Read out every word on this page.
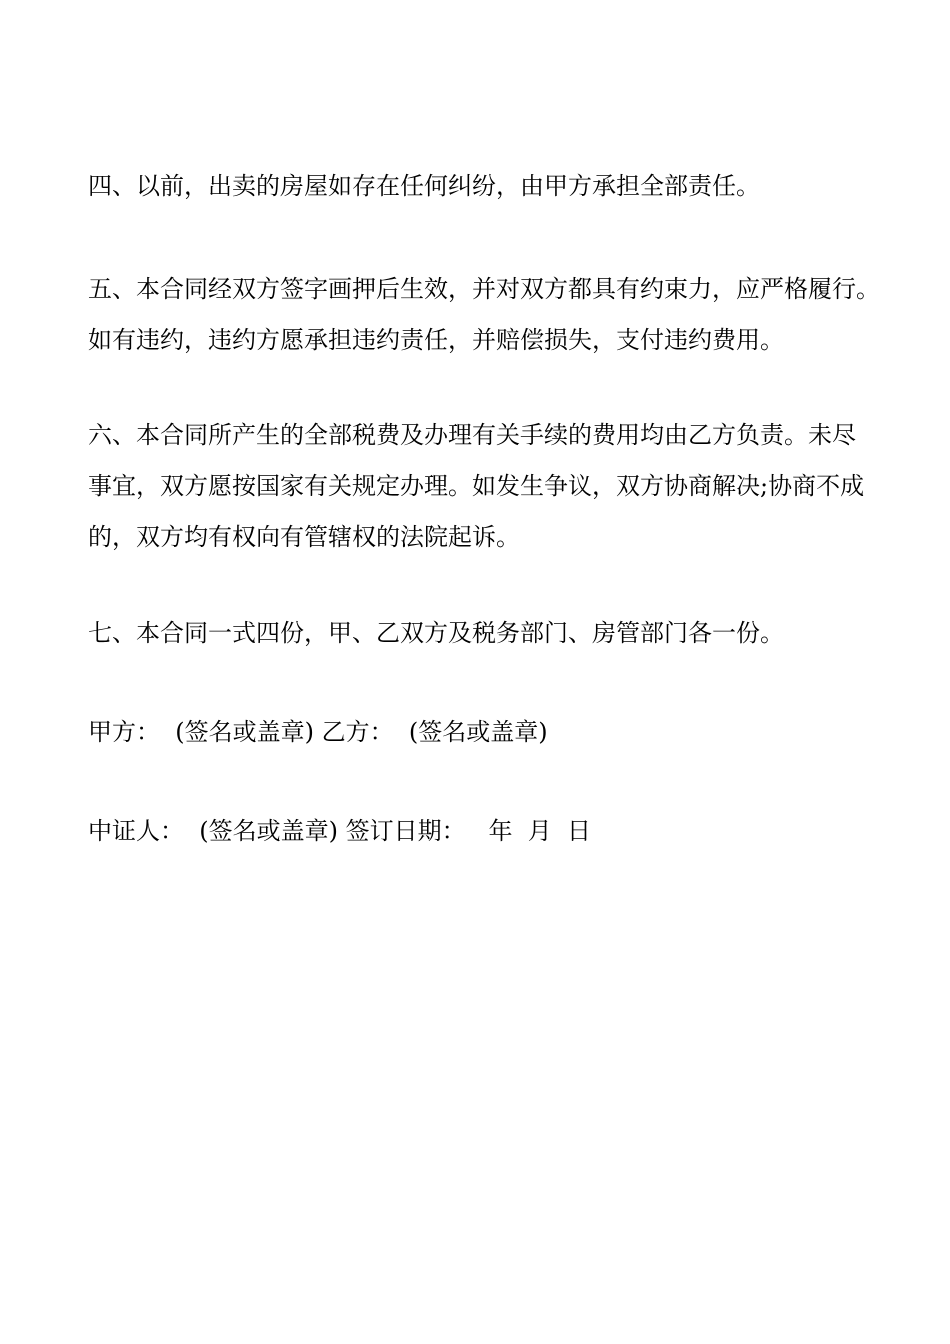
四、以前，出卖的房屋如存在任何纠纷，由甲方承担全部责任。
五、本合同经双方签字画押后生效，并对双方都具有约束力，应严格履行。
如有违约，违约方愿承担违约责任，并赔偿损失，支付违约费用。
六、本合同所产生的全部税费及办理有关手续的费用均由乙方负责。未尽
事宜，双方愿按国家有关规定办理。如发生争议，双方协商解决;协商不成
的，双方均有权向有管辖权的法院起诉。
七、本合同一式四份，甲、乙双方及税务部门、房管部门各一份。
甲方：  (签名或盖章) 乙方：  (签名或盖章)
中证人：  (签名或盖章) 签订日期：   年  月  日
